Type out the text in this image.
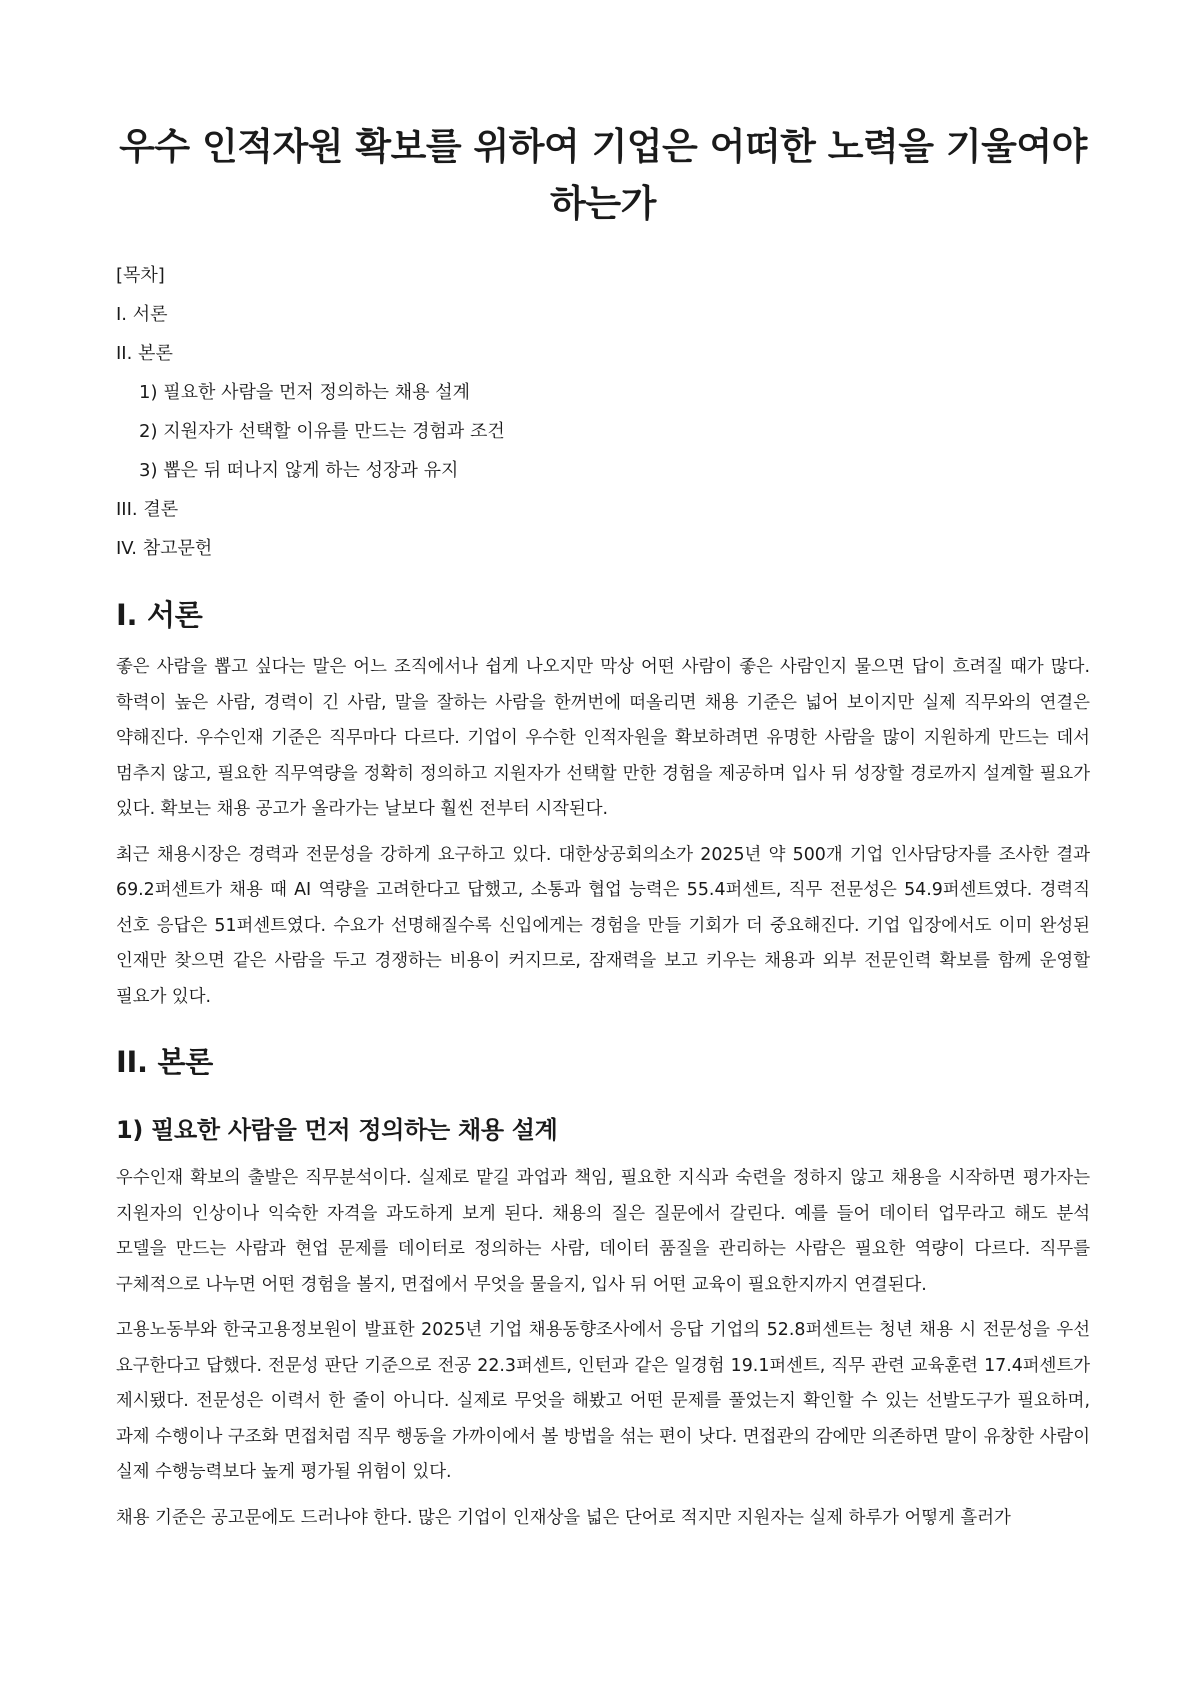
우수 인적자원 확보를 위하여 기업은 어떠한 노력을 기울여야 하는가
[목차]
I. 서론
II. 본론
1) 필요한 사람을 먼저 정의하는 채용 설계
2) 지원자가 선택할 이유를 만드는 경험과 조건
3) 뽑은 뒤 떠나지 않게 하는 성장과 유지
III. 결론
IV. 참고문헌
I. 서론

좋은 사람을 뽑고 싶다는 말은 어느 조직에서나 쉽게 나오지만 막상 어떤 사람이 좋은 사람인지 물으면 답이 흐려질 때가 많다. 학력이 높은 사람, 경력이 긴 사람, 말을 잘하는 사람을 한꺼번에 떠올리면 채용 기준은 넓어 보이지만 실제 직무와의 연결은 약해진다. 우수인재 기준은 직무마다 다르다. 기업이 우수한 인적자원을 확보하려면 유명한 사람을 많이 지원하게 만드는 데서 멈추지 않고, 필요한 직무역량을 정확히 정의하고 지원자가 선택할 만한 경험을 제공하며 입사 뒤 성장할 경로까지 설계할 필요가 있다. 확보는 채용 공고가 올라가는 날보다 훨씬 전부터 시작된다.

최근 채용시장은 경력과 전문성을 강하게 요구하고 있다. 대한상공회의소가 2025년 약 500개 기업 인사담당자를 조사한 결과 69.2퍼센트가 채용 때 AI 역량을 고려한다고 답했고, 소통과 협업 능력은 55.4퍼센트, 직무 전문성은 54.9퍼센트였다. 경력직 선호 응답은 51퍼센트였다. 수요가 선명해질수록 신입에게는 경험을 만들 기회가 더 중요해진다. 기업 입장에서도 이미 완성된 인재만 찾으면 같은 사람을 두고 경쟁하는 비용이 커지므로, 잠재력을 보고 키우는 채용과 외부 전문인력 확보를 함께 운영할 필요가 있다.

II. 본론
1) 필요한 사람을 먼저 정의하는 채용 설계

우수인재 확보의 출발은 직무분석이다. 실제로 맡길 과업과 책임, 필요한 지식과 숙련을 정하지 않고 채용을 시작하면 평가자는 지원자의 인상이나 익숙한 자격을 과도하게 보게 된다. 채용의 질은 질문에서 갈린다. 예를 들어 데이터 업무라고 해도 분석 모델을 만드는 사람과 현업 문제를 데이터로 정의하는 사람, 데이터 품질을 관리하는 사람은 필요한 역량이 다르다. 직무를 구체적으로 나누면 어떤 경험을 볼지, 면접에서 무엇을 물을지, 입사 뒤 어떤 교육이 필요한지까지 연결된다.

고용노동부와 한국고용정보원이 발표한 2025년 기업 채용동향조사에서 응답 기업의 52.8퍼센트는 청년 채용 시 전문성을 우선 요구한다고 답했다. 전문성 판단 기준으로 전공 22.3퍼센트, 인턴과 같은 일경험 19.1퍼센트, 직무 관련 교육훈련 17.4퍼센트가 제시됐다. 전문성은 이력서 한 줄이 아니다. 실제로 무엇을 해봤고 어떤 문제를 풀었는지 확인할 수 있는 선발도구가 필요하며, 과제 수행이나 구조화 면접처럼 직무 행동을 가까이에서 볼 방법을 섞는 편이 낫다. 면접관의 감에만 의존하면 말이 유창한 사람이 실제 수행능력보다 높게 평가될 위험이 있다.

채용 기준은 공고문에도 드러나야 한다. 많은 기업이 인재상을 넓은 단어로 적지만 지원자는 실제 하루가 어떻게 흘러가
